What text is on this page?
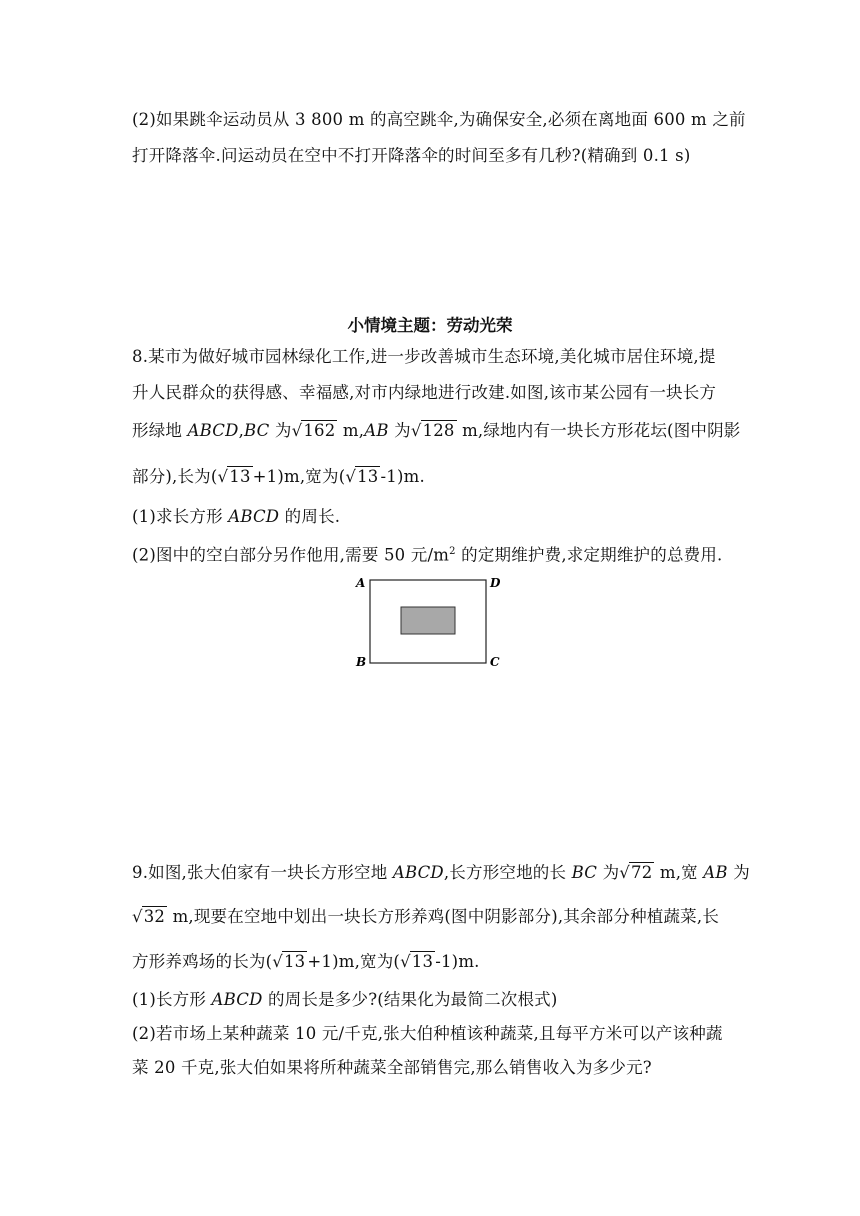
(2)如果跳伞运动员从 3 800 m 的高空跳伞,为确保安全,必须在离地面 600 m 之前
打开降落伞.问运动员在空中不打开降落伞的时间至多有几秒?(精确到 0.1 s)
小情境主题：劳动光荣
8.某市为做好城市园林绿化工作,进一步改善城市生态环境,美化城市居住环境,提
升人民群众的获得感、幸福感,对市内绿地进行改建.如图,该市某公园有一块长方
形绿地 ABCD,BC 为√162 m,AB 为√128 m,绿地内有一块长方形花坛(图中阴影
部分),长为(√13 +1)m,宽为(√13 -1)m.
(1)求长方形 ABCD 的周长.
(2)图中的空白部分另作他用,需要 50 元$/m^2$ 的定期维护费,求定期维护的总费用.
A	D
B	C
9.如图,张大伯家有一块长方形空地 ABCD,长方形空地的长 BC 为√72 m,宽 AB 为
√32 m,现要在空地中划出一块长方形养鸡(图中阴影部分),其余部分种植蔬菜,长
方形养鸡场的长为(√13 +1)m,宽为(√13 -1)m.
(1)长方形 ABCD 的周长是多少?(结果化为最简二次根式)
(2)若市场上某种蔬菜 10 元/千克,张大伯种植该种蔬菜,且每平方米可以产该种蔬
菜 20 千克,张大伯如果将所种蔬菜全部销售完,那么销售收入为多少元?
